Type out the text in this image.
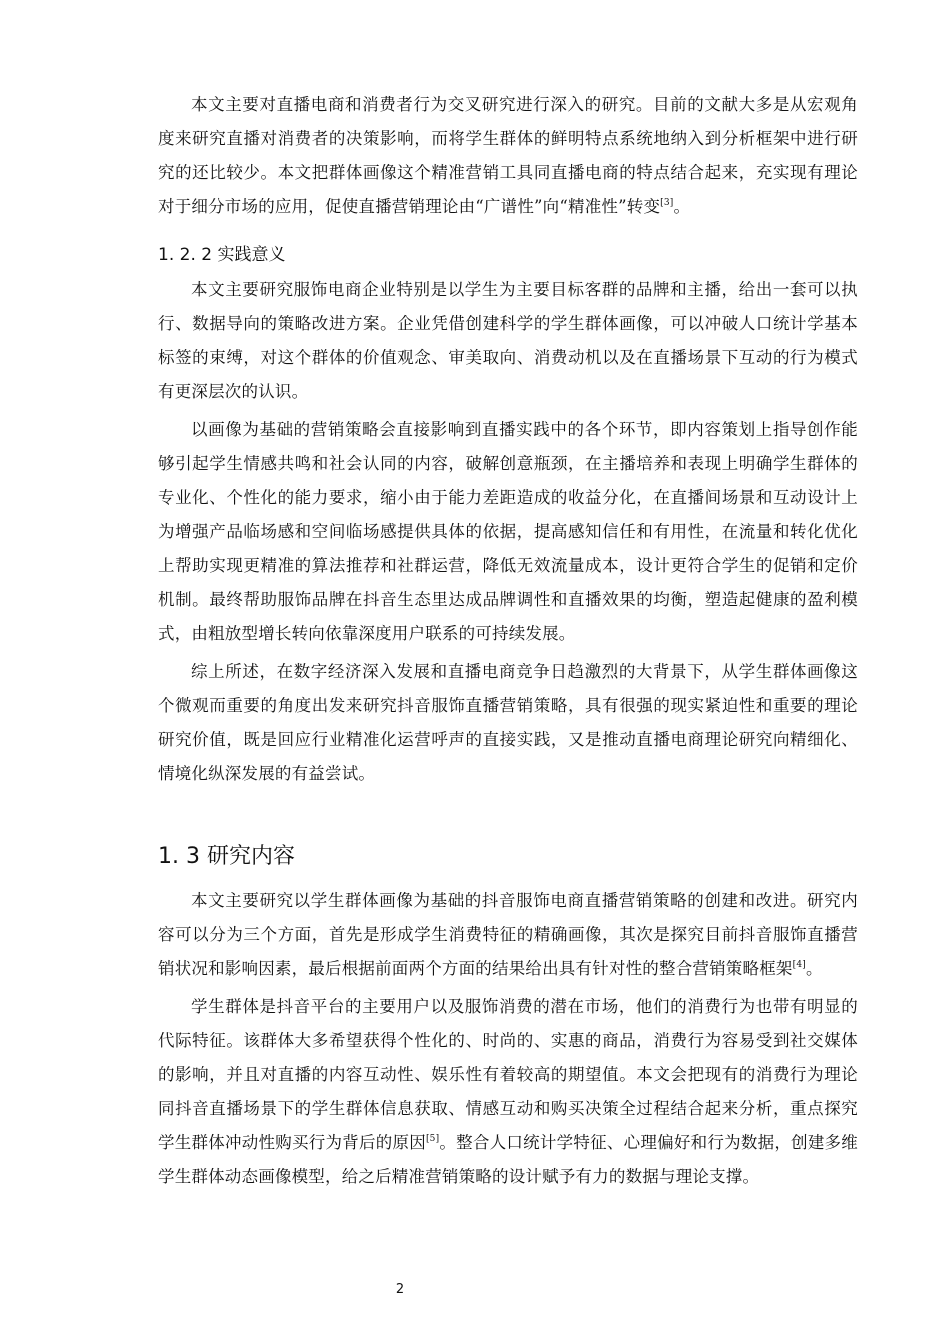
本文主要对直播电商和消费者行为交叉研究进行深入的研究。目前的文献大多是从宏观角度来研究直播对消费者的决策影响，而将学生群体的鲜明特点系统地纳入到分析框架中进行研究的还比较少。本文把群体画像这个精准营销工具同直播电商的特点结合起来，充实现有理论对于细分市场的应用，促使直播营销理论由“广谱性”向“精准性”转变[3]。

1. 2. 2 实践意义

本文主要研究服饰电商企业特别是以学生为主要目标客群的品牌和主播，给出一套可以执行、数据导向的策略改进方案。企业凭借创建科学的学生群体画像，可以冲破人口统计学基本标签的束缚，对这个群体的价值观念、审美取向、消费动机以及在直播场景下互动的行为模式有更深层次的认识。

以画像为基础的营销策略会直接影响到直播实践中的各个环节，即内容策划上指导创作能够引起学生情感共鸣和社会认同的内容，破解创意瓶颈，在主播培养和表现上明确学生群体的专业化、个性化的能力要求，缩小由于能力差距造成的收益分化，在直播间场景和互动设计上为增强产品临场感和空间临场感提供具体的依据，提高感知信任和有用性，在流量和转化优化上帮助实现更精准的算法推荐和社群运营，降低无效流量成本，设计更符合学生的促销和定价机制。最终帮助服饰品牌在抖音生态里达成品牌调性和直播效果的均衡，塑造起健康的盈利模式，由粗放型增长转向依靠深度用户联系的可持续发展。

综上所述，在数字经济深入发展和直播电商竞争日趋激烈的大背景下，从学生群体画像这个微观而重要的角度出发来研究抖音服饰直播营销策略，具有很强的现实紧迫性和重要的理论研究价值，既是回应行业精准化运营呼声的直接实践，又是推动直播电商理论研究向精细化、情境化纵深发展的有益尝试。

1. 3 研究内容

本文主要研究以学生群体画像为基础的抖音服饰电商直播营销策略的创建和改进。研究内容可以分为三个方面，首先是形成学生消费特征的精确画像，其次是探究目前抖音服饰直播营销状况和影响因素，最后根据前面两个方面的结果给出具有针对性的整合营销策略框架[4]。

学生群体是抖音平台的主要用户以及服饰消费的潜在市场，他们的消费行为也带有明显的代际特征。该群体大多希望获得个性化的、时尚的、实惠的商品，消费行为容易受到社交媒体的影响，并且对直播的内容互动性、娱乐性有着较高的期望值。本文会把现有的消费行为理论同抖音直播场景下的学生群体信息获取、情感互动和购买决策全过程结合起来分析，重点探究学生群体冲动性购买行为背后的原因[5]。整合人口统计学特征、心理偏好和行为数据，创建多维学生群体动态画像模型，给之后精准营销策略的设计赋予有力的数据与理论支撑。

2
